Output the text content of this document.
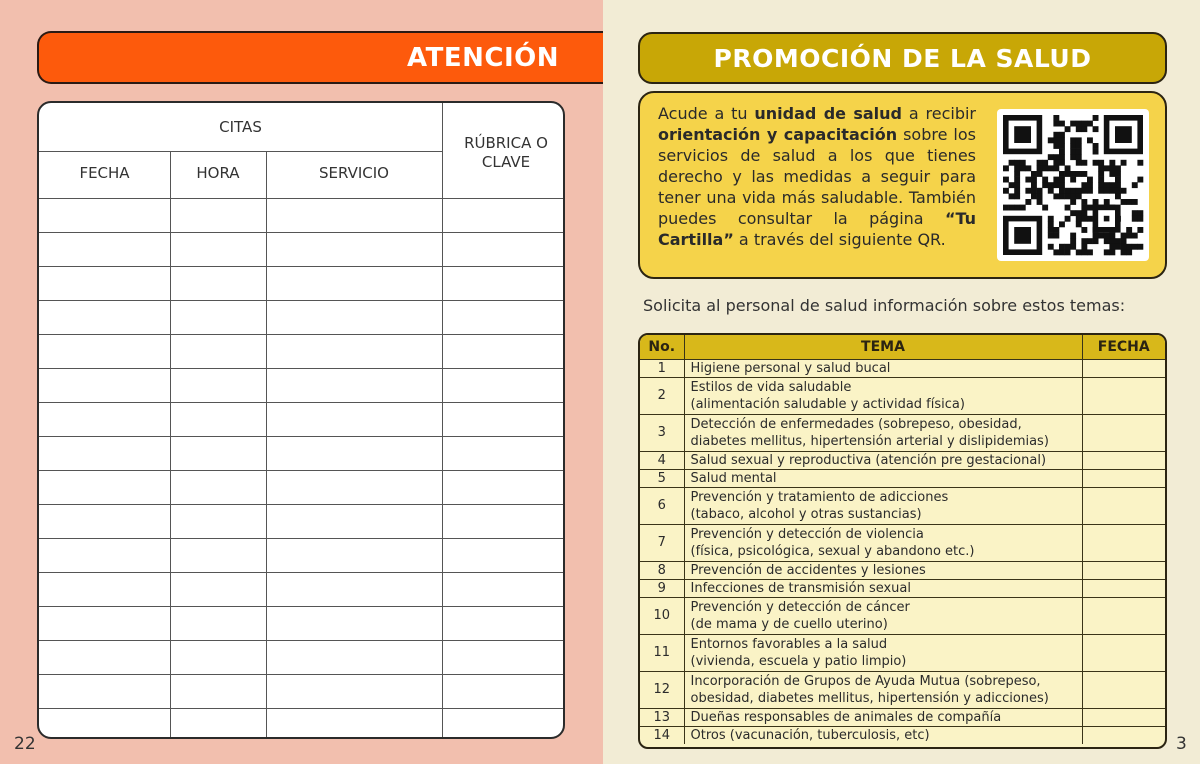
ATENCIÓN
CITAS
FECHA	HORA	SERVICIO
RÚBRICA O CLAVE
22
PROMOCIÓN DE LA SALUD
Acude a tu unidad de salud a recibir orientación y capacitación sobre los servicios de salud a los que tienes derecho y las medidas a seguir para tener una vida más saludable. También puedes consultar la página “Tu Cartilla” a través del siguiente QR.
Solicita al personal de salud información sobre estos temas:
No.	TEMA	FECHA
1	Higiene personal y salud bucal	

2	Estilos de vida saludable
(alimentación saludable y actividad física)	

3	Detección de enfermedades (sobrepeso, obesidad,
diabetes mellitus, hipertensión arterial y dislipidemias)	

4	Salud sexual y reproductiva (atención pre gestacional)	

5	Salud mental	

6	Prevención y tratamiento de adicciones
(tabaco, alcohol y otras sustancias)	

7	Prevención y detección de violencia
(física, psicológica, sexual y abandono etc.)	

8	Prevención de accidentes y lesiones	

9	Infecciones de transmisión sexual	

10	Prevención y detección de cáncer
(de mama y de cuello uterino)	

11	Entornos favorables a la salud
(vivienda, escuela y patio limpio)	

12	Incorporación de Grupos de Ayuda Mutua (sobrepeso,
obesidad, diabetes mellitus, hipertensión y adicciones)	

13	Dueñas responsables de animales de compañía	

14	Otros (vacunación, tuberculosis, etc)	
		3
